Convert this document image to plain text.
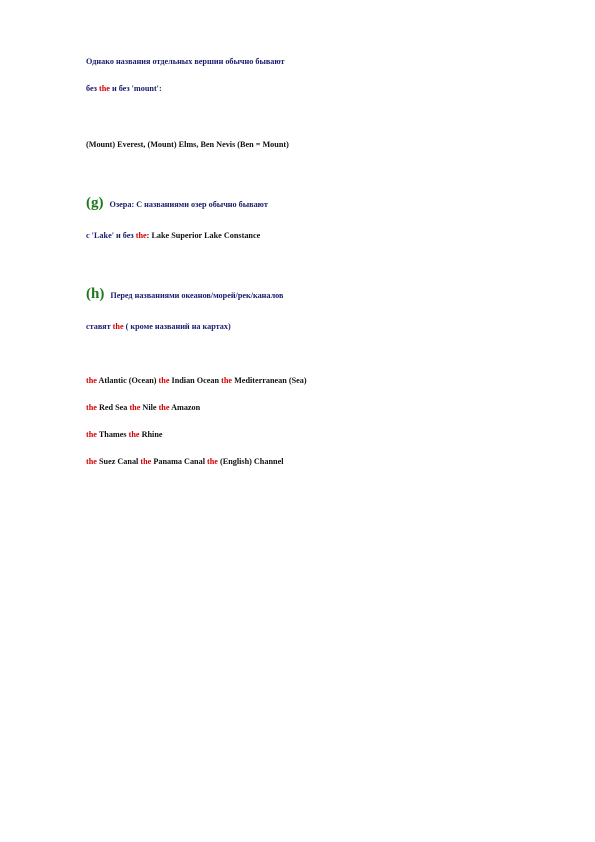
Однако названия отдельных вершин обычно бывают
без the и без 'mount':
(Mount) Everest, (Mount) Elms, Ben Nevis (Ben = Mount)
(g) Озера: С названиями озер обычно бывают
с 'Lake' и без the: Lake Superior Lake Constance
(h) Перед названиями океанов/морей/рек/каналов
ставят the ( кроме названий на картах)
the Atlantic (Ocean) the Indian Ocean the Mediterranean (Sea)
the Red Sea the Nile the Amazon
the Thames the Rhine
the Suez Canal the Panama Canal the (English) Channel
